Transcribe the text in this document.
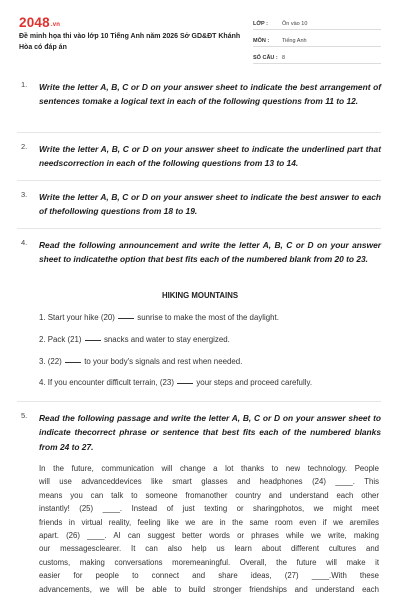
2048.vn
Đề minh họa thi vào lớp 10 Tiếng Anh năm 2026 Sở GD&ĐT Khánh Hòa có đáp án
LỚP :	Ôn vào 10
MÔN :	Tiếng Anh
SỐ CÂU : 8
1. Write the letter A, B, C or D on your answer sheet to indicate the best arrangement of sentences tomake a logical text in each of the following questions from 11 to 12.
2. Write the letter A, B, C or D on your answer sheet to indicate the underlined part that needscorrection in each of the following questions from 13 to 14.
3. Write the letter A, B, C or D on your answer sheet to indicate the best answer to each of thefollowing questions from 18 to 19.
4. Read the following announcement and write the letter A, B, C or D on your answer sheet to indicatethe option that best fits each of the numbered blank from 20 to 23.
HIKING MOUNTAINS
1. Start your hike (20)	sunrise to make the most of the daylight.
2. Pack (21)	snacks and water to stay energized.
3. (22)	to your body's signals and rest when needed.
4. If you encounter difficult terrain, (23)	your steps and proceed carefully.
5. Read the following passage and write the letter A, B, C or D on your answer sheet to indicate thecorrect phrase or sentence that best fits each of the numbered blanks from 24 to 27.
In the future, communication will change a lot thanks to new technology. People
will use advanceddevices like smart glasses and headphones (24) ____. This
means you can talk to someone fromanother country and understand each other
instantly! (25) ____. Instead of just texting or sharingphotos, we might meet
friends in virtual reality, feeling like we are in the same room even if we aremiles
apart. (26) ____. AI can suggest better words or phrases while we write, making
our messagesclearer. It can also help us learn about different cultures and
customs, making conversations moremeaningful. Overall, the future will make it
easier for people to connect and share ideas, (27) ____.With these
advancements, we will be able to build stronger friendships and understand each
